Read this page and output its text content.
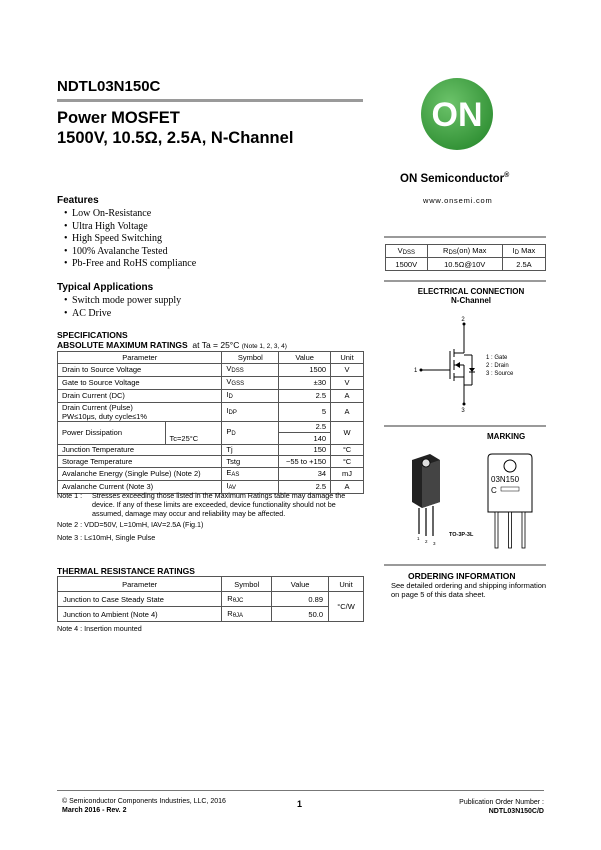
NDTL03N150C
Power MOSFET
1500V, 10.5Ω, 2.5A, N-Channel
ON
ON Semiconductor®
www.onsemi.com
Features
• Low On-Resistance
• Ultra High Voltage
• High Speed Switching
• 100% Avalanche Tested
• Pb-Free and RoHS compliance
Typical Applications
• Switch mode power supply
• AC Drive
VDSS	RDS(on) Max	ID Max
1500V	10.5Ω@10V	2.5A
ELECTRICAL CONNECTION
N-Channel
2
1
3
1 : Gate
2 : Drain
3 : Source
MARKING
1
2 3
03N150
C
TO-3P-3L
ORDERING INFORMATION
See detailed ordering and shipping information on page 5 of this data sheet.
SPECIFICATIONS
ABSOLUTE MAXIMUM RATINGS at Ta = 25°C (Note 1, 2, 3, 4)
Parameter		Symbol	Value	Unit
Drain to Source Voltage		VDSS	1500	V
Gate to Source Voltage		VGSS	±30	V
Drain Current (DC)		ID	2.5	A

Drain Current (Pulse)
PW≤10μs, duty cycle≤1%		IDP	5	A
Power Dissipation		PD	2.5	W
	Tc=25°C		140	
Junction Temperature		Tj	150	°C
Storage Temperature		Tstg	−55 to +150	°C
Avalanche Energy (Single Pulse) (Note 2)		EAS	34	mJ
Avalanche Current (Note 3)		IAV	2.5	A
Note 1 :	Stresses exceeding those listed in the Maximum Ratings table may damage the device. If any of these limits are exceeded, device functionality should not be assumed, damage may occur and reliability may be affected.
Note 2 : VDD=50V, L=10mH, IAV=2.5A (Fig.1)
Note 3 : L≤10mH, Single Pulse
THERMAL RESISTANCE RATINGS
Parameter	Symbol	Value	Unit
Junction to Case Steady State	RθJC	0.89	°C/W
Junction to Ambient (Note 4)	RθJA	50.0	
Note 4 : Insertion mounted
© Semiconductor Components Industries, LLC, 2016
March 2016 - Rev. 2
1	Publication Order Number :
NDTL03N150C/D
